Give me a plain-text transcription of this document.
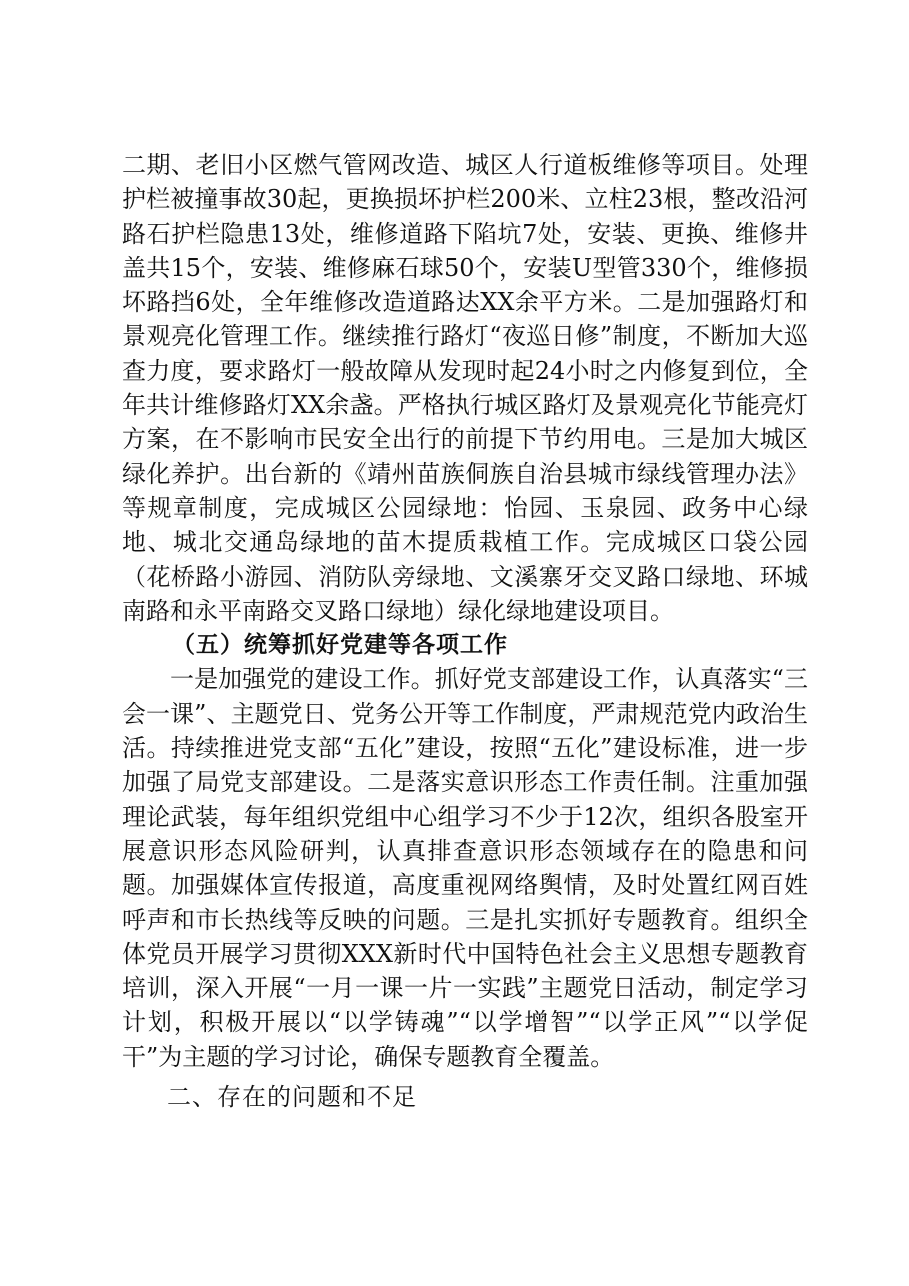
二期、老旧小区燃气管网改造、城区人行道板维修等项目。处理护栏被撞事故30起，更换损坏护栏200米、立柱23根，整改沿河路石护栏隐患13处，维修道路下陷坑7处，安装、更换、维修井盖共15个，安装、维修麻石球50个，安装U型管330个，维修损坏路挡6处，全年维修改造道路达XX余平方米。二是加强路灯和景观亮化管理工作。继续推行路灯“夜巡日修”制度，不断加大巡查力度，要求路灯一般故障从发现时起24小时之内修复到位，全年共计维修路灯XX余盏。严格执行城区路灯及景观亮化节能亮灯方案，在不影响市民安全出行的前提下节约用电。三是加大城区绿化养护。出台新的《靖州苗族侗族自治县城市绿线管理办法》等规章制度，完成城区公园绿地：怡园、玉泉园、政务中心绿地、城北交通岛绿地的苗木提质栽植工作。完成城区口袋公园（花桥路小游园、消防队旁绿地、文溪寨牙交叉路口绿地、环城南路和永平南路交叉路口绿地）绿化绿地建设项目。

（五）统筹抓好党建等各项工作

一是加强党的建设工作。抓好党支部建设工作，认真落实“三会一课”、主题党日、党务公开等工作制度，严肃规范党内政治生活。持续推进党支部“五化”建设，按照“五化”建设标准，进一步加强了局党支部建设。二是落实意识形态工作责任制。注重加强理论武装，每年组织党组中心组学习不少于12次，组织各股室开展意识形态风险研判，认真排查意识形态领域存在的隐患和问题。加强媒体宣传报道，高度重视网络舆情，及时处置红网百姓呼声和市长热线等反映的问题。三是扎实抓好专题教育。组织全体党员开展学习贯彻XXX新时代中国特色社会主义思想专题教育培训，深入开展“一月一课一片一实践”主题党日活动，制定学习计划，积极开展以“以学铸魂”“以学增智”“以学正风”“以学促干”为主题的学习讨论，确保专题教育全覆盖。

二、存在的问题和不足
